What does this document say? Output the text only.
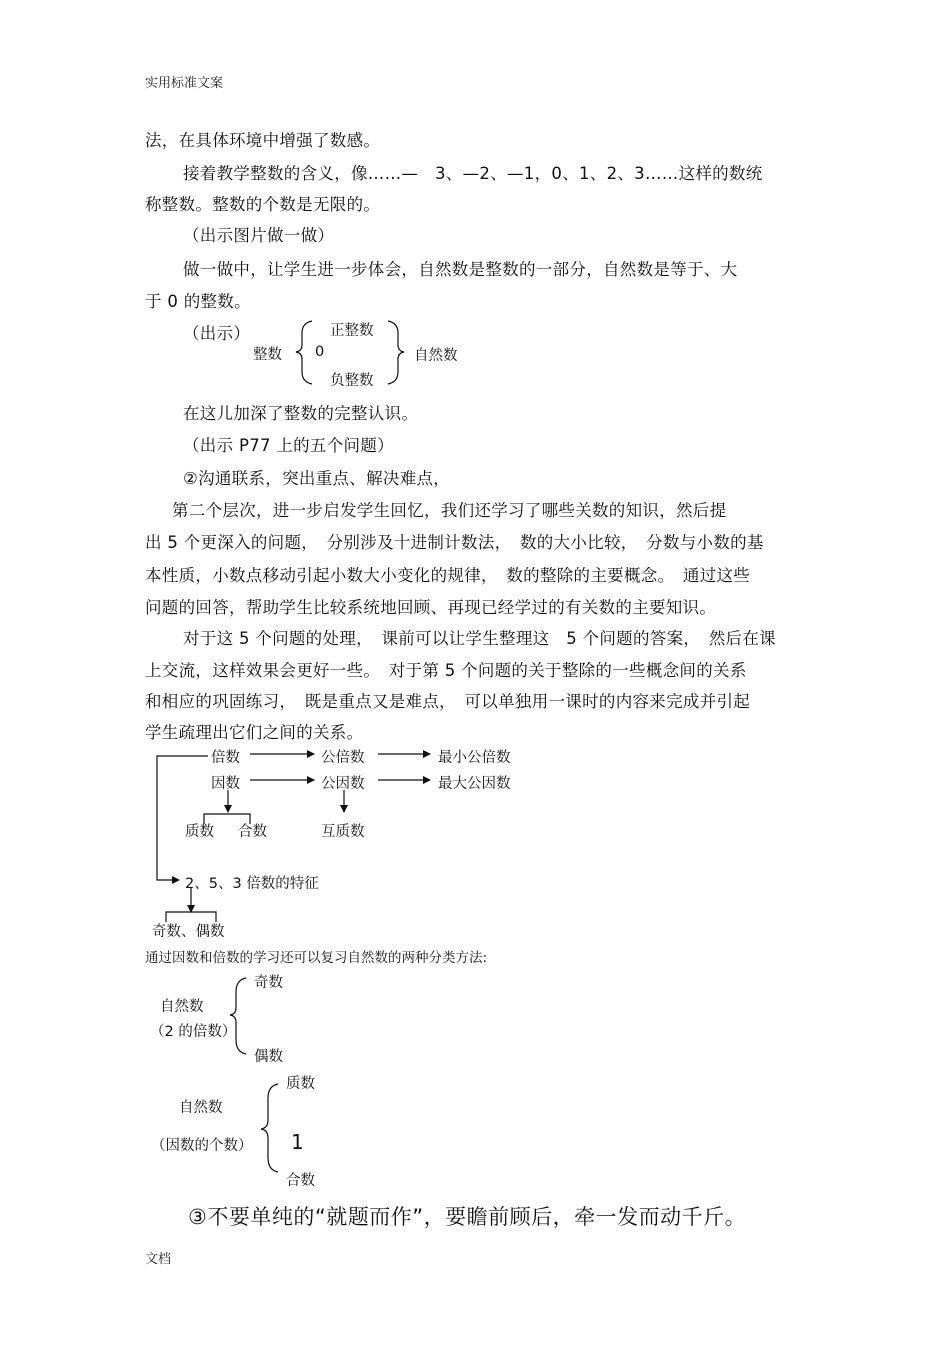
实用标准文案
法，在具体环境中增强了数感。
接着教学整数的含义，像……—　3、—2、—1，0、1、2、3……这样的数统
称整数。整数的个数是无限的。
（出示图片做一做）
做一做中，让学生进一步体会，自然数是整数的一部分，自然数是等于、大
于 0 的整数。
（出示）
整数
正整数
0
负整数
自然数
在这儿加深了整数的完整认识。
（出示 P77 上的五个问题）
②沟通联系，突出重点、解决难点，
第二个层次，进一步启发学生回忆，我们还学习了哪些关数的知识，然后提
出 5 个更深入的问题，　分别涉及十进制计数法，　数的大小比较，　分数与小数的基
本性质，小数点移动引起小数大小变化的规律，　数的整除的主要概念。　通过这些
问题的回答，帮助学生比较系统地回顾、再现已经学过的有关数的主要知识。
对于这 5 个问题的处理，　课前可以让学生整理这　5 个问题的答案，　然后在课
上交流，这样效果会更好一些。　对于第 5 个问题的关于整除的一些概念间的关系
和相应的巩固练习，　既是重点又是难点，　可以单独用一课时的内容来完成并引起
学生疏理出它们之间的关系。
倍数	公倍数	最小公倍数
因数	公因数	最大公因数
质数 合数	互质数
2、5、3 倍数的特征
奇数、偶数
通过因数和倍数的学习还可以复习自然数的两种分类方法:
奇数
自然数
（2 的倍数）
偶数
质数
自然数
（因数的个数） 1
合数
③不要单纯的“就题而作”，要瞻前顾后，牵一发而动千斤。
文档
